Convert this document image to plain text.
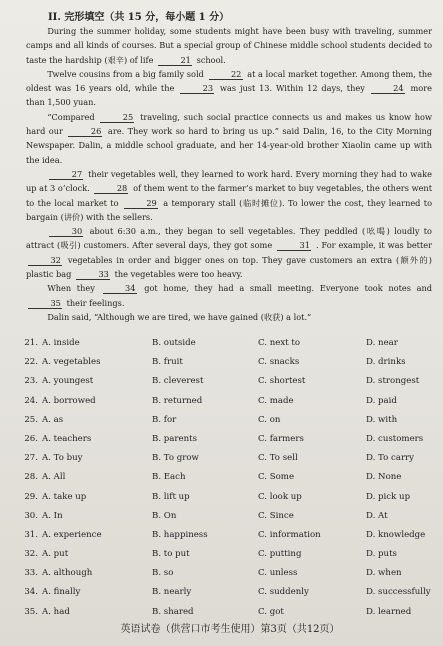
II. 完形填空（共 15 分，每小题 1 分）

During the summer holiday, some students might have been busy with traveling, summer camps and all kinds of courses. But a special group of Chinese middle school students decided to taste the hardship (艰辛) of life	21 school.

Twelve cousins from a big family sold	22 at a local market together. Among them, the oldest was 16 years old, while the	23 was just 13. Within 12 days, they	24 more than 1,500 yuan.

“Compared	25 traveling, such social practice connects us and makes us know how hard our	26 are. They work so hard to bring us up.” said Dalin, 16, to the City Morning Newspaper. Dalin, a middle school graduate, and her 14-year-old brother Xiaolin came up with the idea.

27 their vegetables well, they learned to work hard. Every morning they had to wake up at 3 o’clock.	28 of them went to the farmer’s market to buy vegetables, the others went to the local market to	29 a temporary stall (临时摊位). To lower the cost, they learned to bargain (讲价) with the sellers.

30 about 6:30 a.m., they began to sell vegetables. They peddled (吆喝) loudly to attract (吸引) customers. After several days, they got some	31 . For example, it was better 32 vegetables in order and bigger ones on top. They gave customers an extra (额外的) plastic bag	33 the vegetables were too heavy.

When they	34 got home, they had a small meeting. Everyone took notes and 35 their feelings.

Dalin said, “Although we are tired, we have gained (收获) a lot.”

21. A. inside	B. outside	C. next to	D. near
22. A. vegetables	B. fruit	C. snacks	D. drinks
23. A. youngest	B. cleverest	C. shortest	D. strongest
24. A. borrowed	B. returned	C. made	D. paid
25. A. as	B. for	C. on	D. with
26. A. teachers	B. parents	C. farmers	D. customers
27. A. To buy	B. To grow	C. To sell	D. To carry
28. A. All	B. Each	C. Some	D. None
29. A. take up	B. lift up	C. look up	D. pick up
30. A. In	B. On	C. Since	D. At
31. A. experience	B. happiness	C. information	D. knowledge
32. A. put	B. to put	C. putting	D. puts
33. A. although	B. so	C. unless	D. when
34. A. finally	B. nearly	C. suddenly	D. successfully
35. A. had	B. shared	C. got	D. learned
英语试卷（供营口市考生使用）第3页（共12页）
